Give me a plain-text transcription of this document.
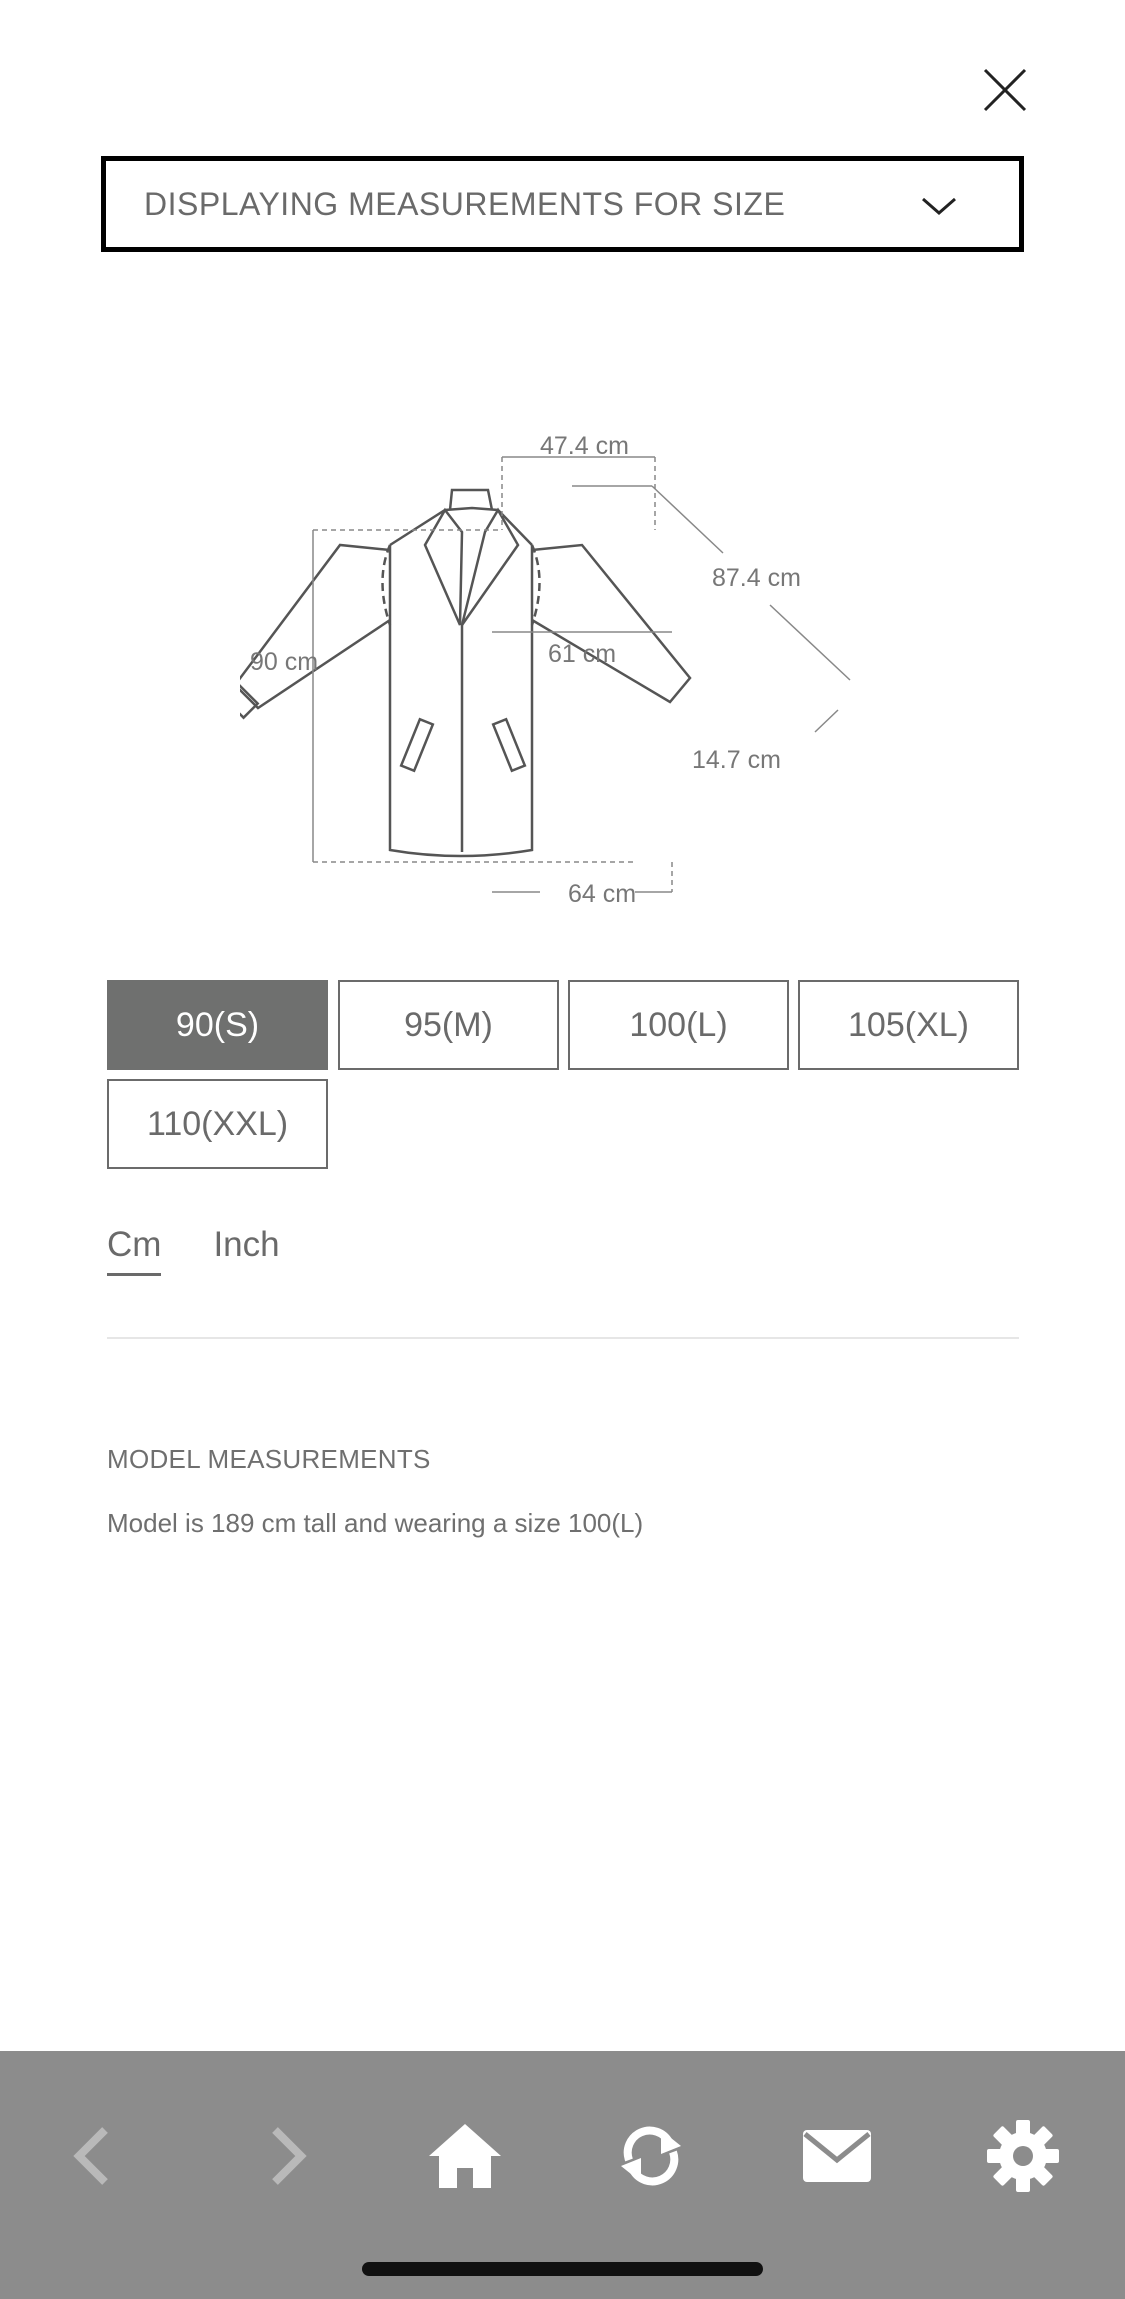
DISPLAYING MEASUREMENTS FOR SIZE
47.4 cm
87.4 cm
90 cm	61 cm
14.7 cm
64 cm
90(S)	95(M)	100(L)	105(XL)
110(XXL)
Cm Inch
MODEL MEASUREMENTS
Model is 189 cm tall and wearing a size 100(L)
